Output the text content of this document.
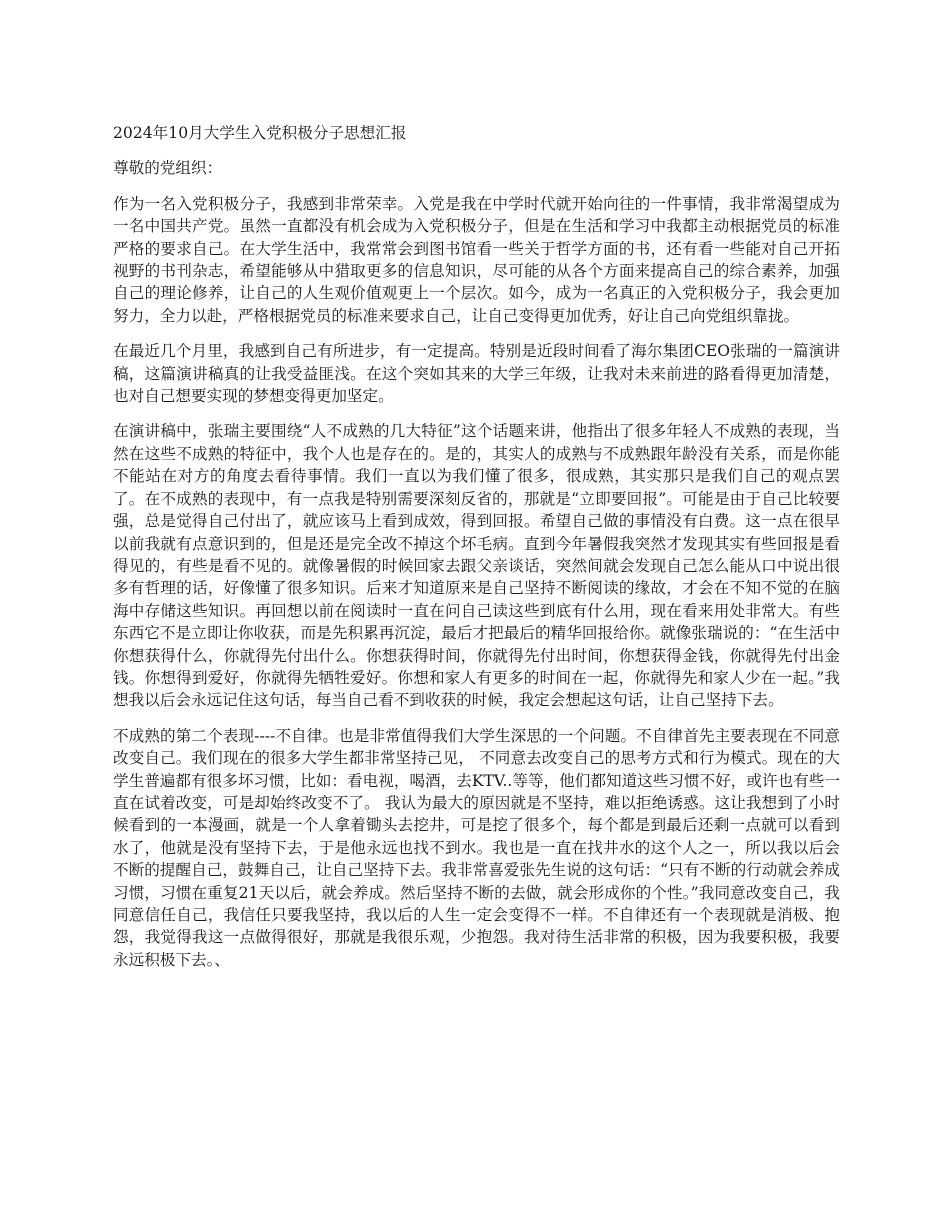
2024年10月大学生入党积极分子思想汇报

尊敬的党组织：

作为一名入党积极分子，我感到非常荣幸。入党是我在中学时代就开始向往的一件事情，我非常渴望成为一名中国共产党。虽然一直都没有机会成为入党积极分子，但是在生活和学习中我都主动根据党员的标准严格的要求自己。在大学生活中，我常常会到图书馆看一些关于哲学方面的书，还有看一些能对自己开拓视野的书刊杂志，希望能够从中猎取更多的信息知识，尽可能的从各个方面来提高自己的综合素养，加强自己的理论修养，让自己的人生观价值观更上一个层次。如今，成为一名真正的入党积极分子，我会更加努力，全力以赴，严格根据党员的标准来要求自己，让自己变得更加优秀，好让自己向党组织靠拢。

在最近几个月里，我感到自己有所进步，有一定提高。特别是近段时间看了海尔集团CEO张瑞的一篇演讲稿，这篇演讲稿真的让我受益匪浅。在这个突如其来的大学三年级，让我对未来前进的路看得更加清楚，也对自己想要实现的梦想变得更加坚定。

在演讲稿中，张瑞主要围绕“人不成熟的几大特征”这个话题来讲，他指出了很多年轻人不成熟的表现，当然在这些不成熟的特征中，我个人也是存在的。是的，其实人的成熟与不成熟跟年龄没有关系，而是你能不能站在对方的角度去看待事情。我们一直以为我们懂了很多，很成熟，其实那只是我们自己的观点罢了。在不成熟的表现中，有一点我是特别需要深刻反省的，那就是“立即要回报”。可能是由于自己比较要强，总是觉得自己付出了，就应该马上看到成效，得到回报。希望自己做的事情没有白费。这一点在很早以前我就有点意识到的，但是还是完全改不掉这个坏毛病。直到今年暑假我突然才发现其实有些回报是看得见的，有些是看不见的。就像暑假的时候回家去跟父亲谈话，突然间就会发现自己怎么能从口中说出很多有哲理的话，好像懂了很多知识。后来才知道原来是自己坚持不断阅读的缘故，才会在不知不觉的在脑海中存储这些知识。再回想以前在阅读时一直在问自己读这些到底有什么用，现在看来用处非常大。有些东西它不是立即让你收获，而是先积累再沉淀，最后才把最后的精华回报给你。就像张瑞说的：“在生活中你想获得什么，你就得先付出什么。你想获得时间，你就得先付出时间，你想获得金钱，你就得先付出金钱。你想得到爱好，你就得先牺牲爱好。你想和家人有更多的时间在一起，你就得先和家人少在一起。”我想我以后会永远记住这句话，每当自己看不到收获的时候，我定会想起这句话，让自己坚持下去。

不成熟的第二个表现----不自律。也是非常值得我们大学生深思的一个问题。不自律首先主要表现在不同意改变自己。我们现在的很多大学生都非常坚持己见， 不同意去改变自己的思考方式和行为模式。现在的大学生普遍都有很多坏习惯，比如：看电视，喝酒，去KTV..等等，他们都知道这些习惯不好，或许也有些一直在试着改变，可是却始终改变不了。 我认为最大的原因就是不坚持，难以拒绝诱惑。这让我想到了小时候看到的一本漫画，就是一个人拿着锄头去挖井，可是挖了很多个，每个都是到最后还剩一点就可以看到水了，他就是没有坚持下去，于是他永远也找不到水。我也是一直在找井水的这个人之一，所以我以后会不断的提醒自己，鼓舞自己，让自己坚持下去。我非常喜爱张先生说的这句话：“只有不断的行动就会养成习惯，习惯在重复21天以后，就会养成。然后坚持不断的去做，就会形成你的个性。”我同意改变自己，我同意信任自己，我信任只要我坚持，我以后的人生一定会变得不一样。不自律还有一个表现就是消极、抱怨，我觉得我这一点做得很好，那就是我很乐观，少抱怨。我对待生活非常的积极，因为我要积极，我要永远积极下去。、
